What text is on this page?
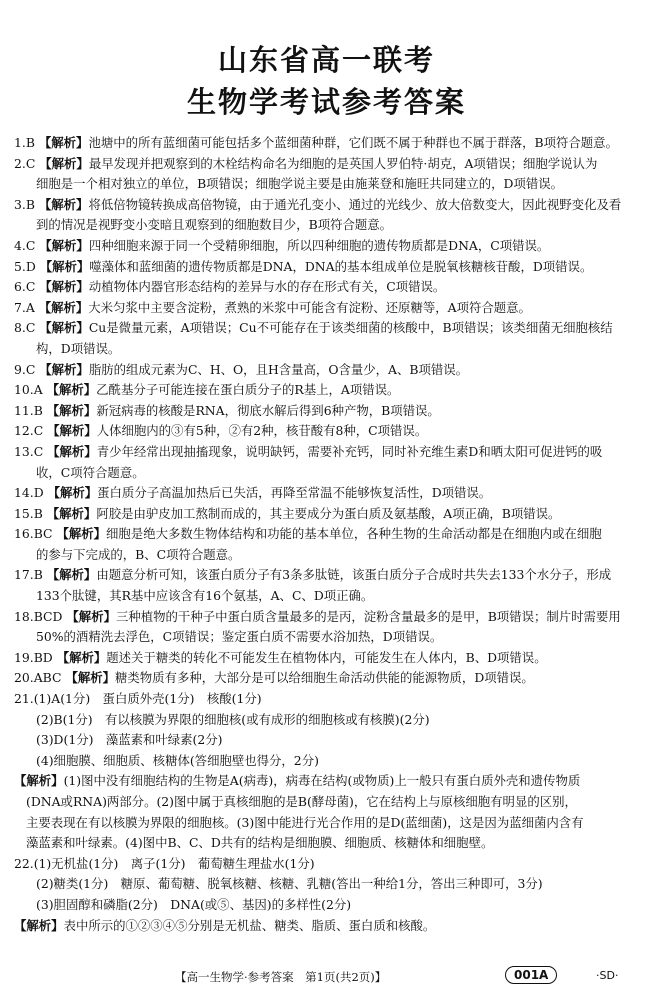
山东省高一联考
生物学考试参考答案
1.B 【解析】池塘中的所有蓝细菌可能包括多个蓝细菌种群，它们既不属于种群也不属于群落，B项符合题意。
2.C 【解析】最早发现并把观察到的木栓结构命名为细胞的是英国人罗伯特·胡克，A项错误；细胞学说认为
细胞是一个相对独立的单位，B项错误；细胞学说主要是由施莱登和施旺共同建立的，D项错误。
3.B 【解析】将低倍物镜转换成高倍物镜，由于通光孔变小、通过的光线少、放大倍数变大，因此视野变化及看
到的情况是视野变小变暗且观察到的细胞数目少，B项符合题意。
4.C 【解析】四种细胞来源于同一个受精卵细胞，所以四种细胞的遗传物质都是DNA，C项错误。
5.D 【解析】噬藻体和蓝细菌的遗传物质都是DNA，DNA的基本组成单位是脱氧核糖核苷酸，D项错误。
6.C 【解析】动植物体内器官形态结构的差异与水的存在形式有关，C项错误。
7.A 【解析】大米匀浆中主要含淀粉，煮熟的米浆中可能含有淀粉、还原糖等，A项符合题意。
8.C 【解析】Cu是微量元素，A项错误；Cu不可能存在于该类细菌的核酸中，B项错误；该类细菌无细胞核结
构，D项错误。
9.C 【解析】脂肪的组成元素为C、H、O，且H含量高，O含量少，A、B项错误。
10.A 【解析】乙酰基分子可能连接在蛋白质分子的R基上，A项错误。
11.B 【解析】新冠病毒的核酸是RNA，彻底水解后得到6种产物，B项错误。
12.C 【解析】人体细胞内的③有5种，②有2种，核苷酸有8种，C项错误。
13.C 【解析】青少年经常出现抽搐现象，说明缺钙，需要补充钙，同时补充维生素D和晒太阳可促进钙的吸
收，C项符合题意。
14.D 【解析】蛋白质分子高温加热后已失活，再降至常温不能够恢复活性，D项错误。
15.B 【解析】阿胶是由驴皮加工熬制而成的，其主要成分为蛋白质及氨基酸，A项正确，B项错误。
16.BC 【解析】细胞是绝大多数生物体结构和功能的基本单位，各种生物的生命活动都是在细胞内或在细胞
的参与下完成的，B、C项符合题意。
17.B 【解析】由题意分析可知，该蛋白质分子有3条多肽链，该蛋白质分子合成时共失去133个水分子，形成
133个肽键，其R基中应该含有16个氨基，A、C、D项正确。
18.BCD 【解析】三种植物的干种子中蛋白质含量最多的是丙，淀粉含量最多的是甲，B项错误；制片时需要用
50%的酒精洗去浮色，C项错误；鉴定蛋白质不需要水浴加热，D项错误。
19.BD 【解析】题述关于糖类的转化不可能发生在植物体内，可能发生在人体内，B、D项错误。
20.ABC 【解析】糖类物质有多种，大部分是可以给细胞生命活动供能的能源物质，D项错误。
21.(1)A(1分)　蛋白质外壳(1分)　核酸(1分)
(2)B(1分)　有以核膜为界限的细胞核(或有成形的细胞核或有核膜)(2分)
(3)D(1分)　藻蓝素和叶绿素(2分)
(4)细胞膜、细胞质、核糖体(答细胞壁也得分，2分)
【解析】(1)图中没有细胞结构的生物是A(病毒)，病毒在结构(或物质)上一般只有蛋白质外壳和遗传物质
(DNA或RNA)两部分。(2)图中属于真核细胞的是B(酵母菌)，它在结构上与原核细胞有明显的区别，
主要表现在有以核膜为界限的细胞核。(3)图中能进行光合作用的是D(蓝细菌)，这是因为蓝细菌内含有
藻蓝素和叶绿素。(4)图中B、C、D共有的结构是细胞膜、细胞质、核糖体和细胞壁。
22.(1)无机盐(1分)　离子(1分)　葡萄糖生理盐水(1分)
(2)糖类(1分)　糖原、葡萄糖、脱氧核糖、核糖、乳糖(答出一种给1分，答出三种即可，3分)
(3)胆固醇和磷脂(2分)　DNA(或⑤、基因)的多样性(2分)
【解析】表中所示的①②③④⑤分别是无机盐、糖类、脂质、蛋白质和核酸。
【高一生物学·参考答案　第1页(共2页)】	001A	·SD·
